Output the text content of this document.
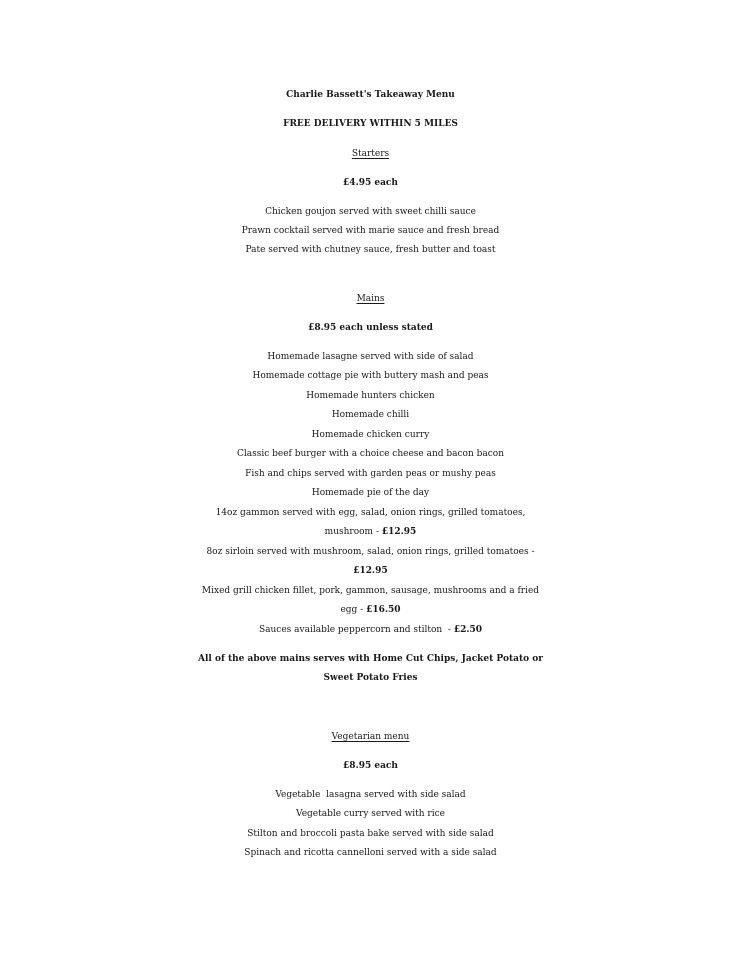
Charlie Bassett's Takeaway Menu
FREE DELIVERY WITHIN 5 MILES
Starters
£4.95 each
Chicken goujon served with sweet chilli sauce
Prawn cocktail served with marie sauce and fresh bread
Pate served with chutney sauce, fresh butter and toast
Mains
£8.95 each unless stated
Homemade lasagne served with side of salad
Homemade cottage pie with buttery mash and peas
Homemade hunters chicken
Homemade chilli
Homemade chicken curry
Classic beef burger with a choice cheese and bacon bacon
Fish and chips served with garden peas or mushy peas
Homemade pie of the day
14oz gammon served with egg, salad, onion rings, grilled tomatoes,
mushroom - £12.95
8oz sirloin served with mushroom, salad, onion rings, grilled tomatoes -
£12.95
Mixed grill chicken fillet, pork, gammon, sausage, mushrooms and a fried
egg - £16.50
Sauces available peppercorn and stilton  - £2.50
All of the above mains serves with Home Cut Chips, Jacket Potato or
Sweet Potato Fries
Vegetarian menu
£8.95 each
Vegetable  lasagna served with side salad
Vegetable curry served with rice
Stilton and broccoli pasta bake served with side salad
Spinach and ricotta cannelloni served with a side salad
